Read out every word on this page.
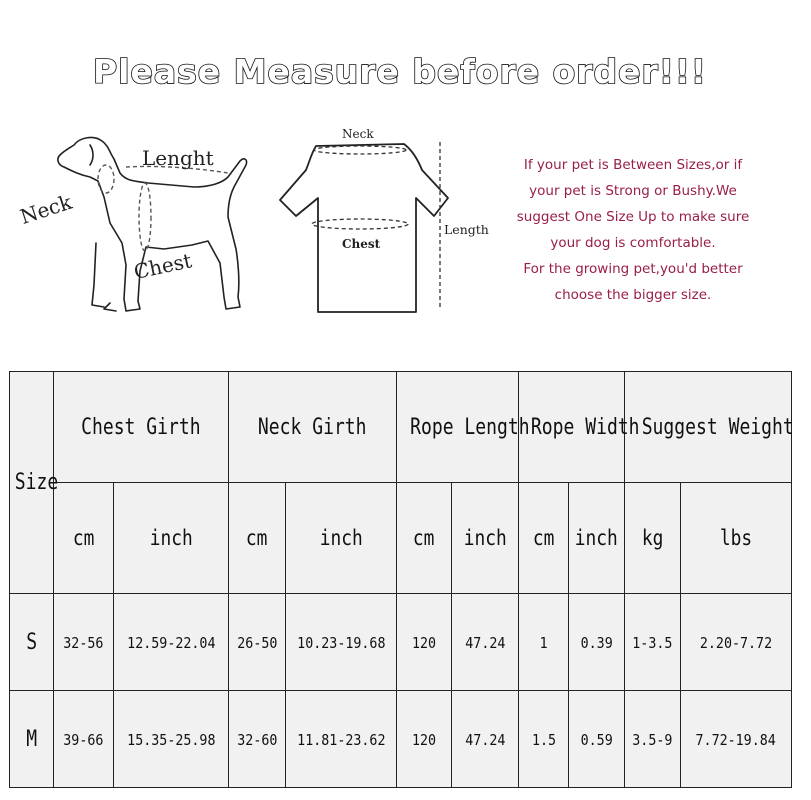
Please Measure before order!!!
Neck
Lenght
Chest
Neck
Chest
Length
If your pet is Between Sizes,or if
your pet is Strong or Bushy.We
suggest One Size Up to make sure
your dog is comfortable.
For the growing pet,you'd better
choose the bigger size.
Size	Chest Girth		Neck Girth		Rope Length		Rope Width		Suggest Weight	
	cm	inch	cm	inch	cm	inch	cm	inch	kg	lbs
S	32-56	12.59-22.04	26-50	10.23-19.68	120	47.24	1	0.39	1-3.5	2.20-7.72
M	39-66	15.35-25.98	32-60	11.81-23.62	120	47.24	1.5	0.59	3.5-9	7.72-19.84
